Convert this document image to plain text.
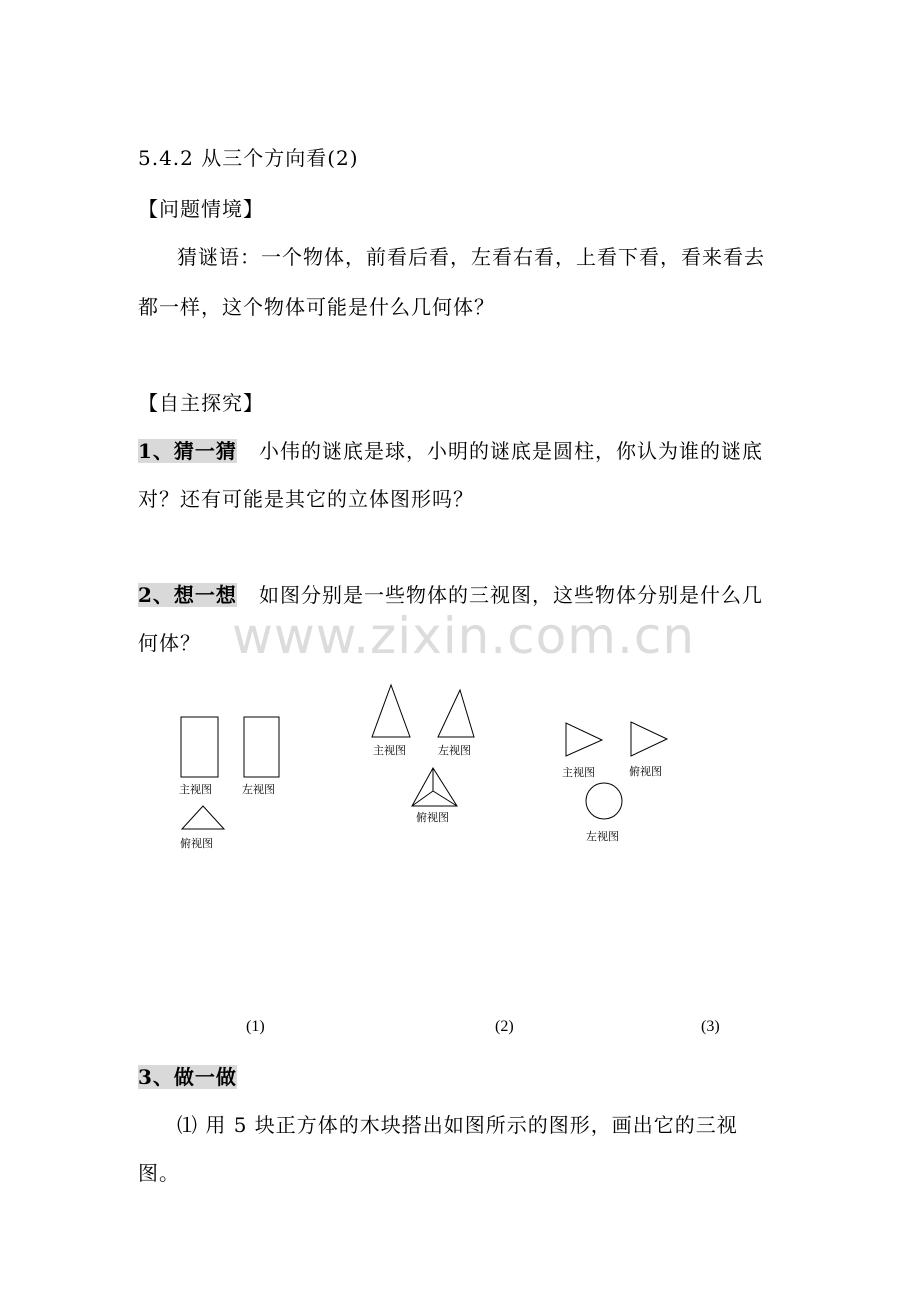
www.zixin.com.cn
5.4.2 从三个方向看(2)
【问题情境】
猜谜语：一个物体，前看后看，左看右看，上看下看，看来看去
都一样，这个物体可能是什么几何体？
【自主探究】
1、猜一猜 小伟的谜底是球，小明的谜底是圆柱，你认为谁的谜底
对？还有可能是其它的立体图形吗？
2、想一想 如图分别是一些物体的三视图，这些物体分别是什么几
何体？
主视图	左视图
俯视图
主视图	左视图
俯视图
主视图	俯视图
左视图
(1)	(2)	(3)
3、做一做
⑴ 用 5 块正方体的木块搭出如图所示的图形，画出它的三视
图。
